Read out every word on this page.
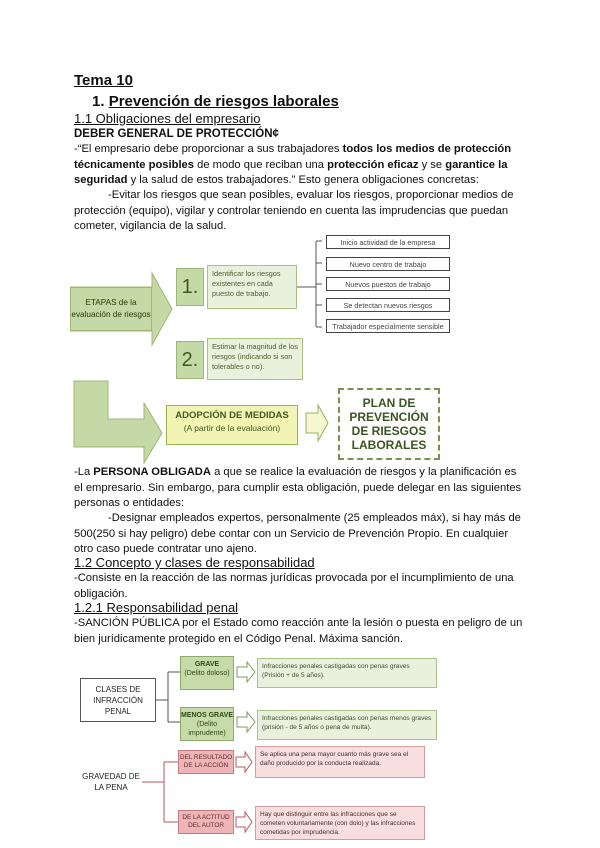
Tema 10
1. Prevención de riesgos laborales
1.1 Obligaciones del empresario
DEBER GENERAL DE PROTECCIÓN¢
-“El empresario debe proporcionar a sus trabajadores todos los medios de protección técnicamente posibles de modo que reciban una protección eficaz y se garantice la seguridad y la salud de estos trabajadores.” Esto genera obligaciones concretas:
-Evitar los riesgos que sean posibles, evaluar los riesgos, proporcionar medios de protección (equipo), vigilar y controlar teniendo en cuenta las imprudencias que puedan cometer, vigilancia de la salud.
ETAPAS de la evaluación de riesgos
1.
Identificar los riesgos existentes en cada puesto de trabajo.
2.
Estimar la magnitud de los riesgos (indicando si son tolerables o no).
Inicio actividad de la empresa
Nuevo centro de trabajo
Nuevos puestos de trabajo
Se detectan nuevos riesgos
Trabajador especialmente sensible
ADOPCIÓN DE MEDIDAS
(A partir de la evaluación)
PLAN DE PREVENCIÓN DE RIESGOS LABORALES
-La PERSONA OBLIGADA a que se realice la evaluación de riesgos y la planificación es el empresario. Sin embargo, para cumplir esta obligación, puede delegar en las siguientes personas o entidades:
-Designar empleados expertos, personalmente (25 empleados máx), si hay más de 500(250 si hay peligro) debe contar con un Servicio de Prevención Propio. En cualquier otro caso puede contratar uno ajeno.
1.2 Concepto y clases de responsabilidad
-Consiste en la reacción de las normas jurídicas provocada por el incumplimiento de una obligación.
1.2.1 Responsabilidad penal
-SANCIÓN PÚBLICA por el Estado como reacción ante la lesión o puesta en peligro de un bien jurídicamente protegido en el Código Penal. Máxima sanción.
CLASES DE INFRACCIÓN PENAL
GRAVE
(Delito doloso)
Infracciones penales castigadas con penas graves (Prisión + de 5 años).
MENOS GRAVE
(Delito imprudente)
Infracciones penales castigadas con penas menos graves (prisión - de 5 años o pena de multa).
GRAVEDAD DE LA PENA
DEL RESULTADO DE LA ACCIÓN
Se aplica una pena mayor cuanto más grave sea el daño producido por la conducta realizada.
DE LA ACTITUD DEL AUTOR
Hay que distinguir entre las infracciones que se cometen voluntariamente (con dolo) y las infracciones cometidas por imprudencia.
